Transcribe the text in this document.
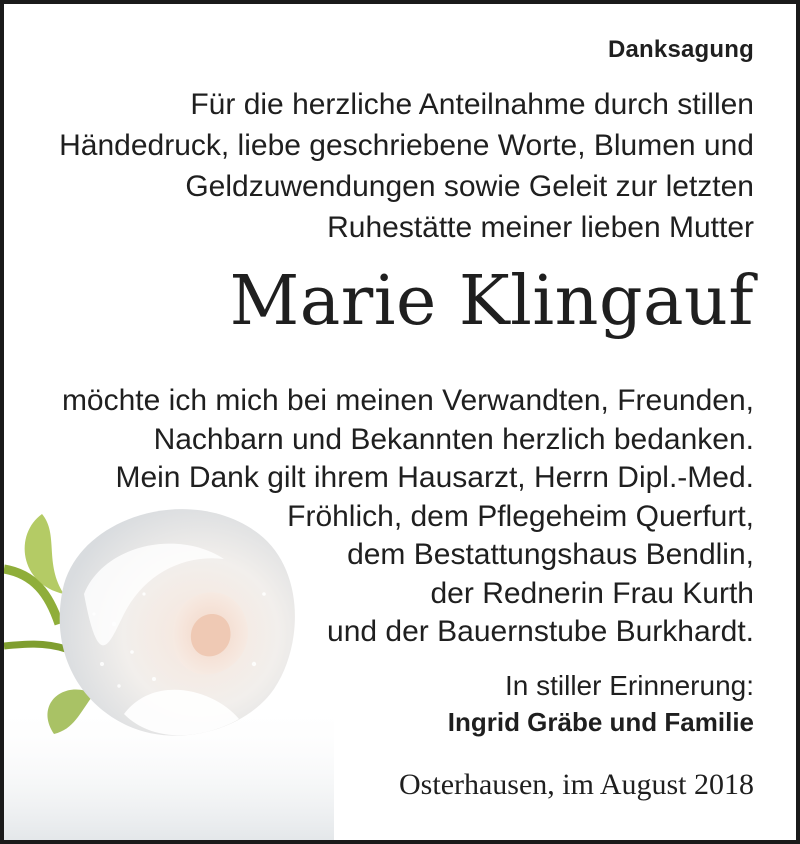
Danksagung
Für die herzliche Anteilnahme durch stillen
Händedruck, liebe geschriebene Worte, Blumen und
Geldzuwendungen sowie Geleit zur letzten
Ruhestätte meiner lieben Mutter
Marie Klingauf
möchte ich mich bei meinen Verwandten, Freunden,
Nachbarn und Bekannten herzlich bedanken.
Mein Dank gilt ihrem Hausarzt, Herrn Dipl.-Med.
Fröhlich, dem Pflegeheim Querfurt,
dem Bestattungshaus Bendlin,
der Rednerin Frau Kurth
und der Bauernstube Burkhardt.
In stiller Erinnerung:
Ingrid Gräbe und Familie
Osterhausen, im August 2018
